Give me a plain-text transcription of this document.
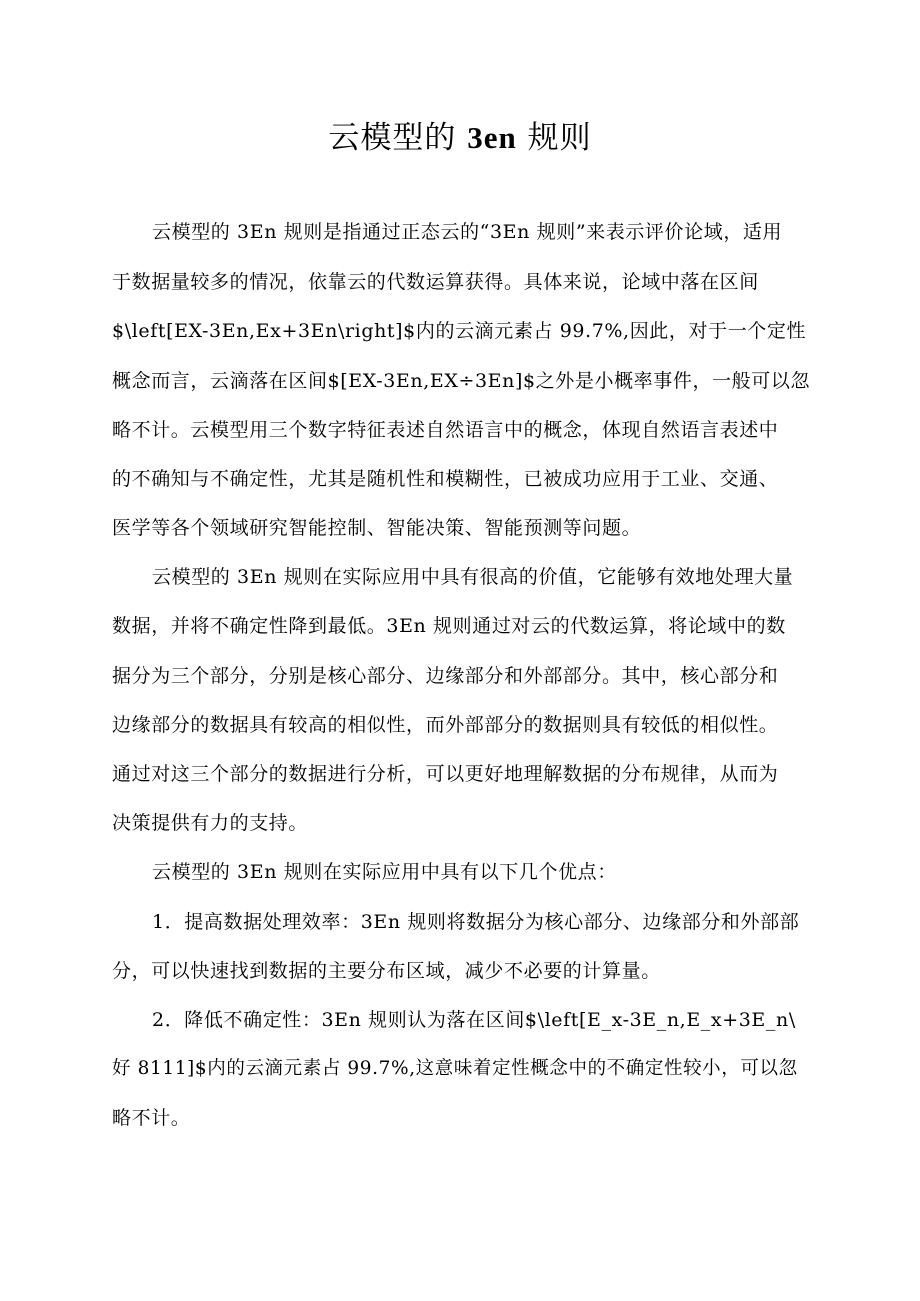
云模型的 3en 规则
云模型的 3En 规则是指通过正态云的“3En 规则”来表示评价论域，适用
于数据量较多的情况，依靠云的代数运算获得。具体来说，论域中落在区间
$\left[EX-3En,Ex+3En\right]$内的云滴元素占 99.7%,因此，对于一个定性
概念而言，云滴落在区间$[EX-3En,EX÷3En]$之外是小概率事件，一般可以忽
略不计。云模型用三个数字特征表述自然语言中的概念，体现自然语言表述中
的不确知与不确定性，尤其是随机性和模糊性，已被成功应用于工业、交通、
医学等各个领域研究智能控制、智能决策、智能预测等问题。
云模型的 3En 规则在实际应用中具有很高的价值，它能够有效地处理大量
数据，并将不确定性降到最低。3En 规则通过对云的代数运算，将论域中的数
据分为三个部分，分别是核心部分、边缘部分和外部部分。其中，核心部分和
边缘部分的数据具有较高的相似性，而外部部分的数据则具有较低的相似性。
通过对这三个部分的数据进行分析，可以更好地理解数据的分布规律，从而为
决策提供有力的支持。
云模型的 3En 规则在实际应用中具有以下几个优点：
1．提高数据处理效率：3En 规则将数据分为核心部分、边缘部分和外部部
分，可以快速找到数据的主要分布区域，减少不必要的计算量。
2．降低不确定性：3En 规则认为落在区间$\left[E_x-3E_n,E_x+3E_n\
好 8111]$内的云滴元素占 99.7%,这意味着定性概念中的不确定性较小，可以忽
略不计。
